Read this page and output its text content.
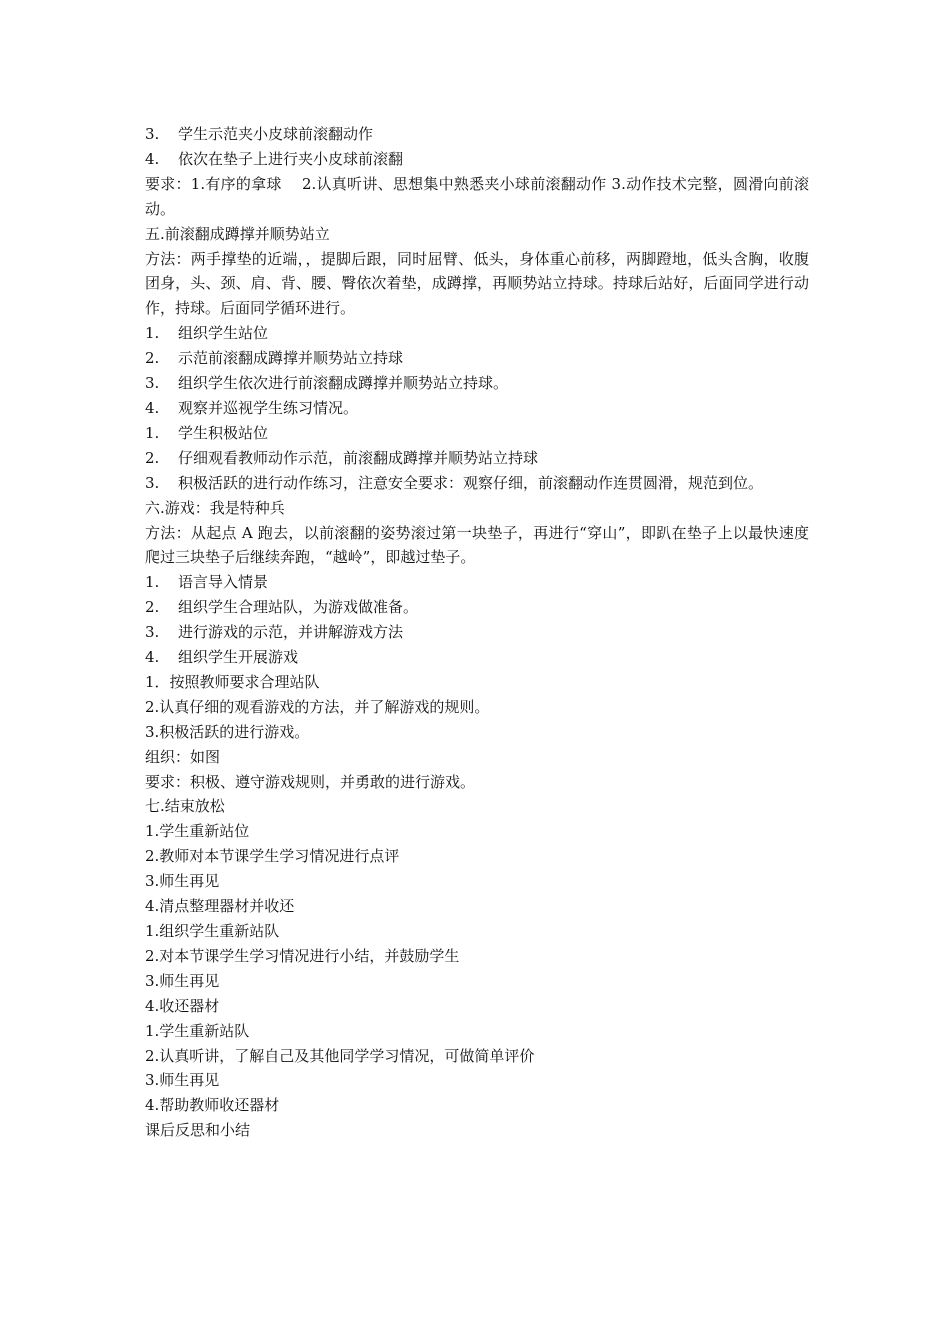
3. 学生示范夹小皮球前滚翻动作
4. 依次在垫子上进行夹小皮球前滚翻
要求：1.有序的拿球　 2.认真听讲、思想集中熟悉夹小球前滚翻动作 3.动作技术完整，圆滑向前滚动。
五.前滚翻成蹲撑并顺势站立
方法：两手撑垫的近端，，提脚后跟，同时屈臂、低头，身体重心前移，两脚蹬地，低头含胸，收腹团身，头、颈、肩、背、腰、臀依次着垫，成蹲撑，再顺势站立持球。持球后站好，后面同学进行动作，持球。后面同学循环进行。
1. 组织学生站位
2. 示范前滚翻成蹲撑并顺势站立持球
3. 组织学生依次进行前滚翻成蹲撑并顺势站立持球。
4. 观察并巡视学生练习情况。
1. 学生积极站位
2. 仔细观看教师动作示范，前滚翻成蹲撑并顺势站立持球
3. 积极活跃的进行动作练习，注意安全要求：观察仔细，前滚翻动作连贯圆滑，规范到位。
六.游戏：我是特种兵
方法：从起点 A 跑去，以前滚翻的姿势滚过第一块垫子，再进行“穿山”，即趴在垫子上以最快速度爬过三块垫子后继续奔跑，“越岭”，即越过垫子。
1. 语言导入情景
2. 组织学生合理站队，为游戏做准备。
3. 进行游戏的示范，并讲解游戏方法
4. 组织学生开展游戏
1．按照教师要求合理站队
2.认真仔细的观看游戏的方法，并了解游戏的规则。
3.积极活跃的进行游戏。
组织：如图
要求：积极、遵守游戏规则，并勇敢的进行游戏。
七.结束放松
1.学生重新站位
2.教师对本节课学生学习情况进行点评
3.师生再见
4.清点整理器材并收还
1.组织学生重新站队
2.对本节课学生学习情况进行小结，并鼓励学生
3.师生再见
4.收还器材
1.学生重新站队
2.认真听讲，了解自己及其他同学学习情况，可做简单评价
3.师生再见
4.帮助教师收还器材
课后反思和小结
